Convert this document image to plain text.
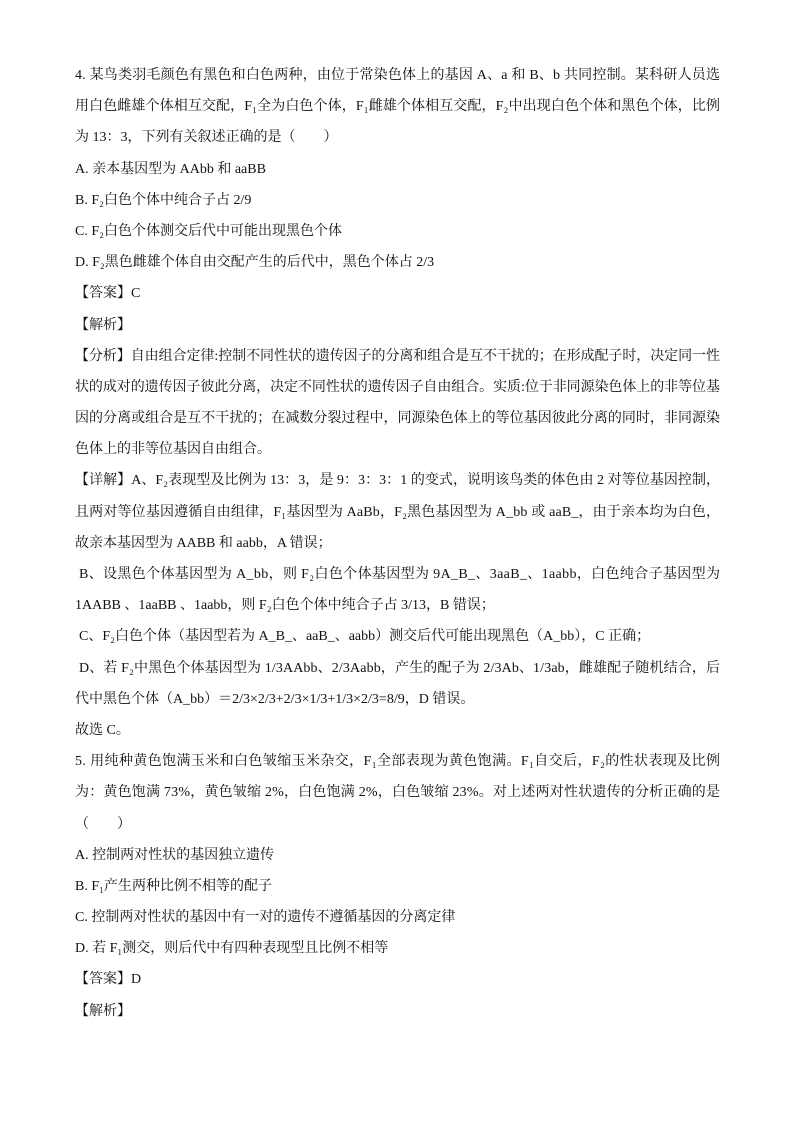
4. 某鸟类羽毛颜色有黑色和白色两种，由位于常染色体上的基因 A、a 和 B、b 共同控制。某科研人员选
用白色雌雄个体相互交配，F₁全为白色个体，F₁雌雄个体相互交配，F₂中出现白色个体和黑色个体，比例
为 13：3，下列有关叙述正确的是（　　）
A. 亲本基因型为 AAbb 和 aaBB
B. F₂白色个体中纯合子占 2/9
C. F₂白色个体测交后代中可能出现黑色个体
D. F₂黑色雌雄个体自由交配产生的后代中，黑色个体占 2/3
【答案】C
【解析】
【分析】自由组合定律:控制不同性状的遗传因子的分离和组合是互不干扰的；在形成配子时，决定同一性
状的成对的遗传因子彼此分离，决定不同性状的遗传因子自由组合。实质:位于非同源染色体上的非等位基
因的分离或组合是互不干扰的；在减数分裂过程中，同源染色体上的等位基因彼此分离的同时，非同源染
色体上的非等位基因自由组合。
【详解】A、F₂表现型及比例为 13：3，是 9：3：3：1 的变式，说明该鸟类的体色由 2 对等位基因控制，
且两对等位基因遵循自由组律，F₁基因型为 AaBb，F₂黑色基因型为 A_bb 或 aaB_，由于亲本均为白色，
故亲本基因型为 AABB 和 aabb，A 错误；
B、设黑色个体基因型为 A_bb，则 F₂白色个体基因型为 9A_B_、3aaB_、1aabb，白色纯合子基因型为
1AABB 、1aaBB 、1aabb，则 F₂白色个体中纯合子占 3/13，B 错误；
C、F₂白色个体（基因型若为 A_B_、aaB_、aabb）测交后代可能出现黑色（A_bb），C 正确；
D、若 F₂中黑色个体基因型为 1/3AAbb、2/3Aabb，产生的配子为 2/3Ab、1/3ab，雌雄配子随机结合，后
代中黑色个体（A_bb）＝2/3×2/3+2/3×1/3+1/3×2/3=8/9，D 错误。
故选 C。
5. 用纯种黄色饱满玉米和白色皱缩玉米杂交，F₁全部表现为黄色饱满。F₁自交后，F₂的性状表现及比例
为：黄色饱满 73%，黄色皱缩 2%，白色饱满 2%，白色皱缩 23%。对上述两对性状遗传的分析正确的是
（　　）
A. 控制两对性状的基因独立遗传
B. F₁产生两种比例不相等的配子
C. 控制两对性状的基因中有一对的遗传不遵循基因的分离定律
D. 若 F₁测交，则后代中有四种表现型且比例不相等
【答案】D
【解析】
